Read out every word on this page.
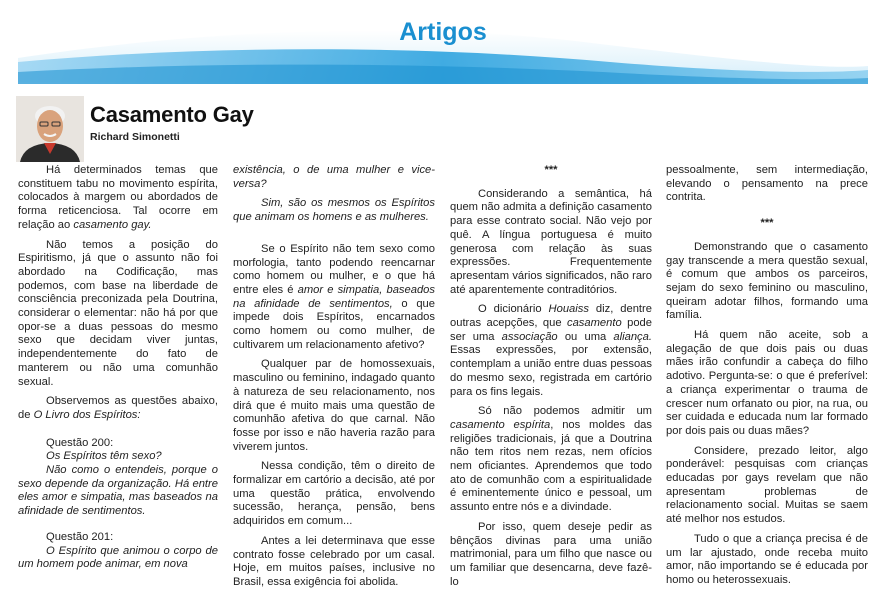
Artigos
Casamento Gay
Richard Simonetti

Há determinados temas que constituem tabu no movimento espírita, colocados à margem ou abordados de forma reticenciosa. Tal ocorre em relação ao casamento gay.

Não temos a posição do Espiritismo, já que o assunto não foi abordado na Codificação, mas podemos, com base na liberdade de consciência preconizada pela Doutrina, considerar o elementar: não há por que opor-se a duas pessoas do mesmo sexo que decidam viver juntas, independentemente do fato de manterem ou não uma comunhão sexual.

Observemos as questões abaixo, de O Livro dos Espíritos:

Questão 200:

Os Espíritos têm sexo?

Não como o entendeis, porque o sexo depende da organização. Há entre eles amor e simpatia, mas baseados na afinidade de sentimentos.

Questão 201:

O Espírito que animou o corpo de um homem pode animar, em nova

existência, o de uma mulher e vice-versa?

Sim, são os mesmos os Espíritos que animam os homens e as mulheres.

Se o Espírito não tem sexo como morfologia, tanto podendo reencarnar como homem ou mulher, e o que há entre eles é amor e simpatia, baseados na afinidade de sentimentos, o que impede dois Espíritos, encarnados como homem ou como mulher, de cultivarem um relacionamento afetivo?

Qualquer par de homossexuais, masculino ou feminino, indagado quanto à natureza de seu relacionamento, nos dirá que é muito mais uma questão de comunhão afetiva do que carnal. Não fosse por isso e não haveria razão para viverem juntos.

Nessa condição, têm o direito de formalizar em cartório a decisão, até por uma questão prática, envolvendo sucessão, herança, pensão, bens adquiridos em comum...

Antes a lei determinava que esse contrato fosse celebrado por um casal. Hoje, em muitos países, inclusive no Brasil, essa exigência foi abolida.

***

Considerando a semântica, há quem não admita a definição casamento para esse contrato social. Não vejo por quê. A língua portuguesa é muito generosa com relação às suas expressões. Frequentemente apresentam vários significados, não raro até aparentemente contraditórios.

O dicionário Houaiss diz, dentre outras acepções, que casamento pode ser uma associação ou uma aliança. Essas expressões, por extensão, contemplam a união entre duas pessoas do mesmo sexo, registrada em cartório para os fins legais.

Só não podemos admitir um casamento espírita, nos moldes das religiões tradicionais, já que a Doutrina não tem ritos nem rezas, nem ofícios nem oficiantes. Aprendemos que todo ato de comunhão com a espiritualidade é eminentemente único e pessoal, um assunto entre nós e a divindade.

Por isso, quem deseje pedir as bênçãos divinas para uma união matrimonial, para um filho que nasce ou um familiar que desencarna, deve fazê-lo

pessoalmente, sem intermediação, elevando o pensamento na prece contrita.

***

Demonstrando que o casamento gay transcende a mera questão sexual, é comum que ambos os parceiros, sejam do sexo feminino ou masculino, queiram adotar filhos, formando uma família.

Há quem não aceite, sob a alegação de que dois pais ou duas mães irão confundir a cabeça do filho adotivo. Pergunta-se: o que é preferível: a criança experimentar o trauma de crescer num orfanato ou pior, na rua, ou ser cuidada e educada num lar formado por dois pais ou duas mães?

Considere, prezado leitor, algo ponderável: pesquisas com crianças educadas por gays revelam que não apresentam problemas de relacionamento social. Muitas se saem até melhor nos estudos.

Tudo o que a criança precisa é de um lar ajustado, onde receba muito amor, não importando se é educada por homo ou heterossexuais.
